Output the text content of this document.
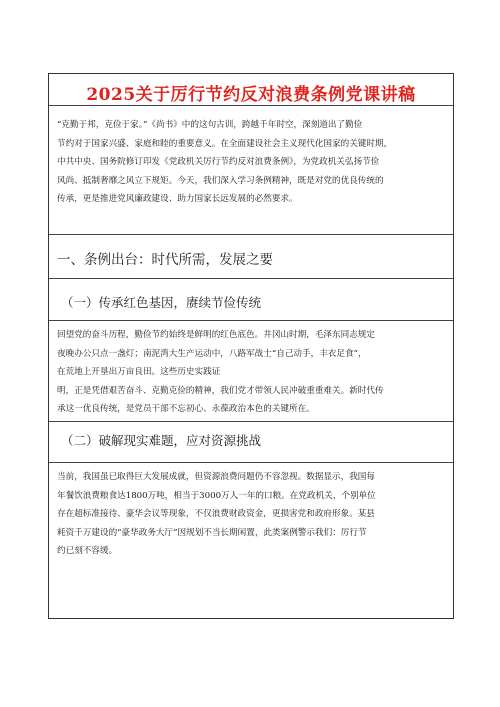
2025关于厉行节约反对浪费条例党课讲稿
“克勤于邦，克俭于家。”《尚书》中的这句古训，跨越千年时空，深刻道出了勤俭
节约对于国家兴盛、家庭和睦的重要意义。在全面建设社会主义现代化国家的关键时期，
中共中央、国务院修订印发《党政机关厉行节约反对浪费条例》，为党政机关弘扬节俭
风尚、抵制奢靡之风立下规矩。今天，我们深入学习条例精神，既是对党的优良传统的
传承，更是推进党风廉政建设、助力国家长远发展的必然要求。
一、条例出台：时代所需，发展之要
（一）传承红色基因，赓续节俭传统
回望党的奋斗历程，勤俭节约始终是鲜明的红色底色。井冈山时期，毛泽东同志规定
夜晚办公只点一盏灯；南泥湾大生产运动中，八路军战士“自己动手，丰衣足食”，
在荒地上开垦出万亩良田。这些历史实践证
明，正是凭借艰苦奋斗、克勤克俭的精神，我们党才带领人民冲破重重难关。新时代传
承这一优良传统，是党员干部不忘初心、永葆政治本色的关键所在。
（二）破解现实难题，应对资源挑战
当前，我国虽已取得巨大发展成就，但资源浪费问题仍不容忽视。数据显示，我国每
年餐饮浪费粮食达1800万吨，相当于3000万人一年的口粮。在党政机关，个别单位
存在超标准接待、豪华会议等现象，不仅浪费财政资金，更损害党和政府形象。某县
耗资千万建设的“豪华政务大厅”因规划不当长期闲置，此类案例警示我们：厉行节
约已刻不容缓。
